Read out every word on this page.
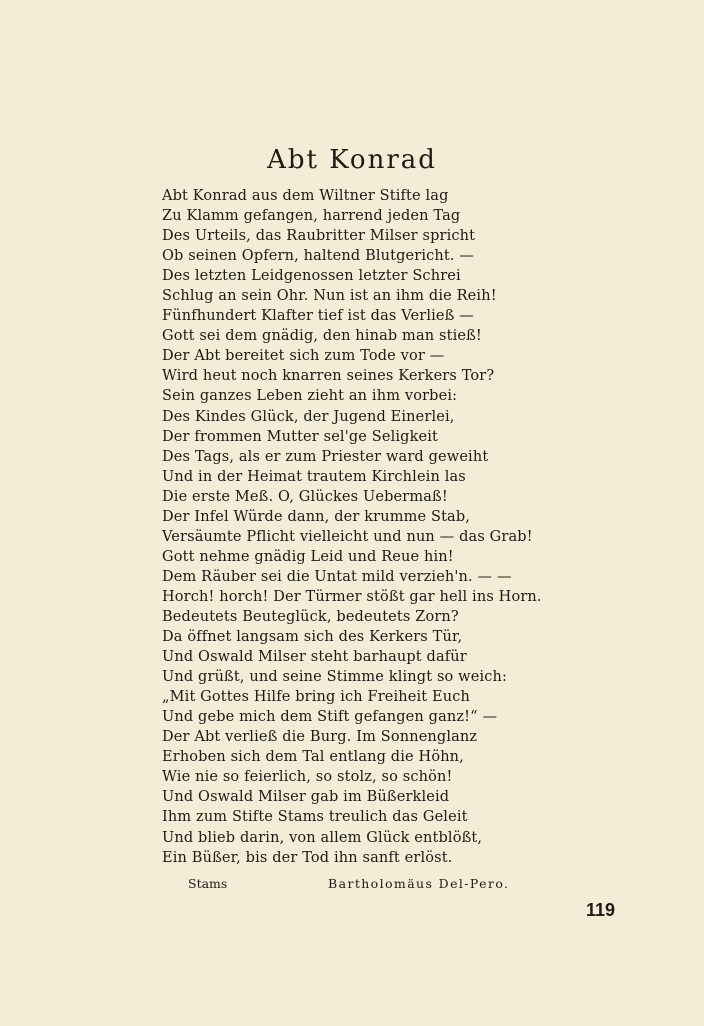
Abt Konrad
Abt Konrad aus dem Wiltner Stifte lag
Zu Klamm gefangen, harrend jeden Tag
Des Urteils, das Raubritter Milser spricht
Ob seinen Opfern, haltend Blutgericht. —
Des letzten Leidgenossen letzter Schrei
Schlug an sein Ohr. Nun ist an ihm die Reih!
Fünfhundert Klafter tief ist das Verließ —
Gott sei dem gnädig, den hinab man stieß!
Der Abt bereitet sich zum Tode vor —
Wird heut noch knarren seines Kerkers Tor?
Sein ganzes Leben zieht an ihm vorbei:
Des Kindes Glück, der Jugend Einerlei,
Der frommen Mutter sel'ge Seligkeit
Des Tags, als er zum Priester ward geweiht
Und in der Heimat trautem Kirchlein las
Die erste Meß. O, Glückes Uebermaß!
Der Infel Würde dann, der krumme Stab,
Versäumte Pflicht vielleicht und nun — das Grab!
Gott nehme gnädig Leid und Reue hin!
Dem Räuber sei die Untat mild verzieh'n. — —
Horch! horch! Der Türmer stößt gar hell ins Horn.
Bedeutets Beuteglück, bedeutets Zorn?
Da öffnet langsam sich des Kerkers Tür,
Und Oswald Milser steht barhaupt dafür
Und grüßt, und seine Stimme klingt so weich:
„Mit Gottes Hilfe bring ich Freiheit Euch
Und gebe mich dem Stift gefangen ganz!“ —
Der Abt verließ die Burg. Im Sonnenglanz
Erhoben sich dem Tal entlang die Höhn,
Wie nie so feierlich, so stolz, so schön!
Und Oswald Milser gab im Büßerkleid
Ihm zum Stifte Stams treulich das Geleit
Und blieb darin, von allem Glück entblößt,
Ein Büßer, bis der Tod ihn sanft erlöst.
Stams	Bartholomäus Del-Pero.
119
